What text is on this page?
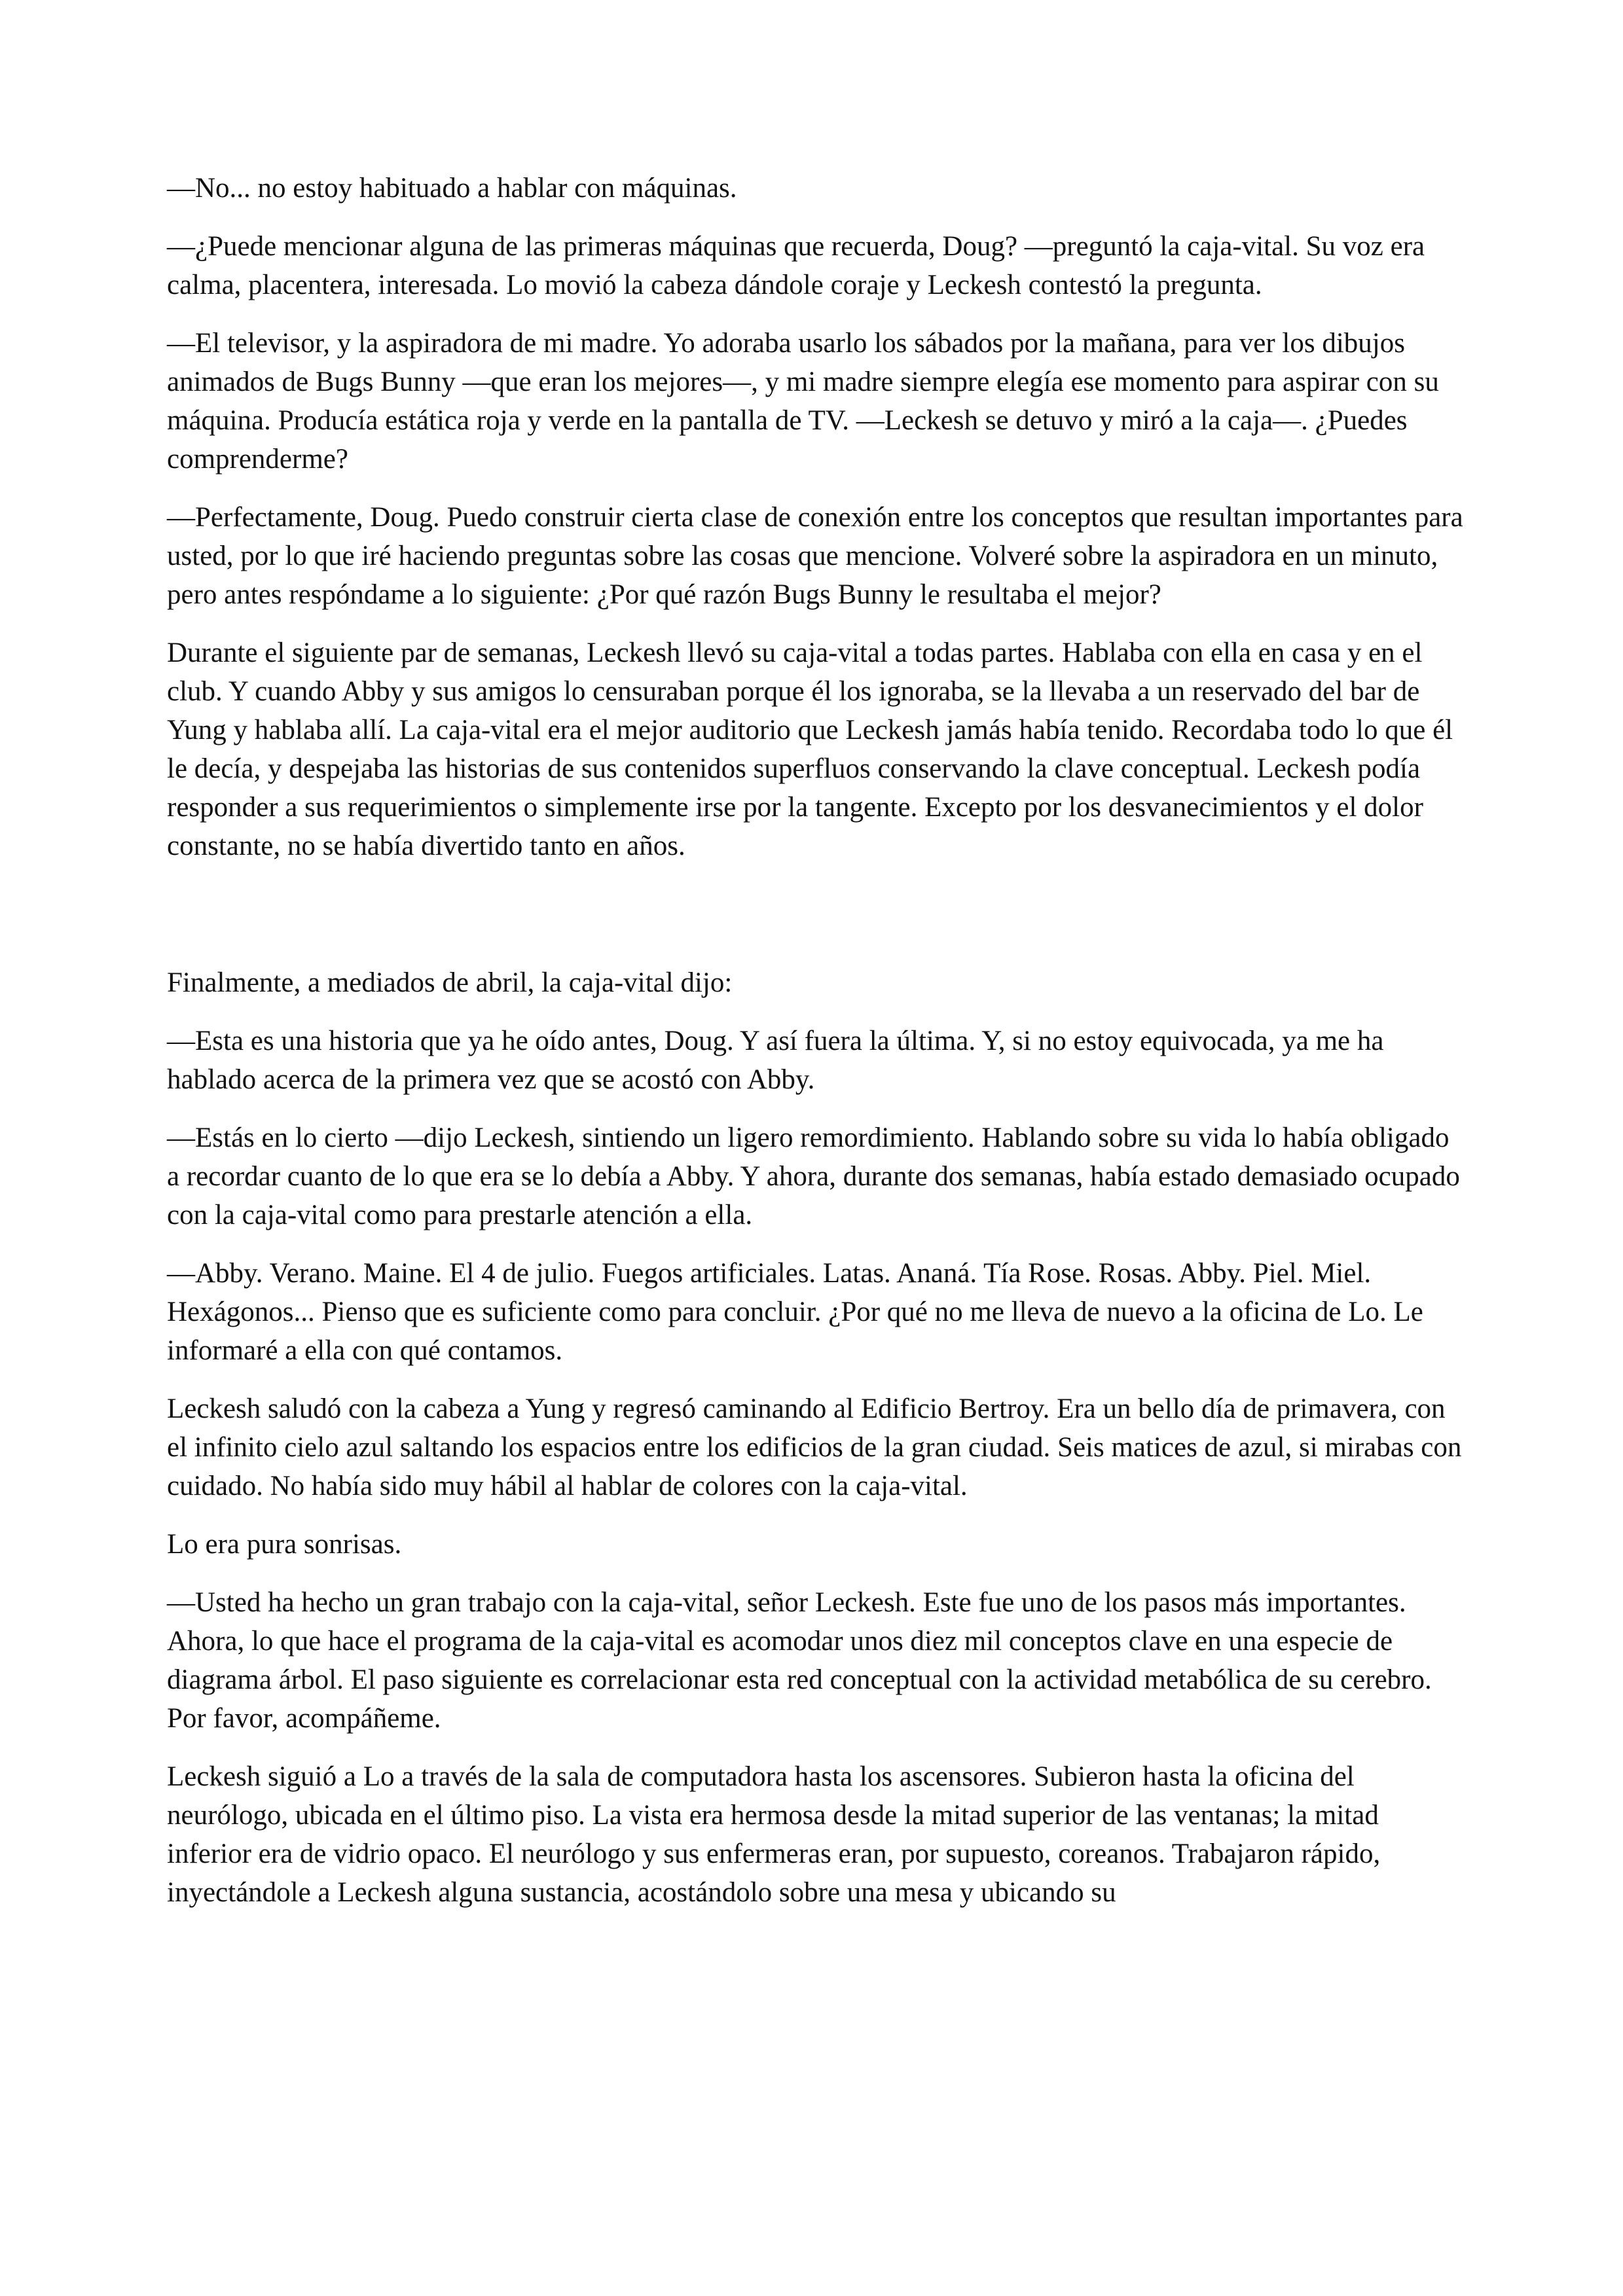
—No... no estoy habituado a hablar con máquinas.

—¿Puede mencionar alguna de las primeras máquinas que recuerda, Doug? —preguntó la caja-vital. Su voz era calma, placentera, interesada. Lo movió la cabeza dándole coraje y Leckesh contestó la pregunta.

—El televisor, y la aspiradora de mi madre. Yo adoraba usarlo los sábados por la mañana, para ver los dibujos animados de Bugs Bunny —que eran los mejores—, y mi madre siempre elegía ese momento para aspirar con su máquina. Producía estática roja y verde en la pantalla de TV. —Leckesh se detuvo y miró a la caja—. ¿Puedes comprenderme?

—Perfectamente, Doug. Puedo construir cierta clase de conexión entre los conceptos que resultan importantes para usted, por lo que iré haciendo preguntas sobre las cosas que mencione. Volveré sobre la aspiradora en un minuto, pero antes respóndame a lo siguiente: ¿Por qué razón Bugs Bunny le resultaba el mejor?

Durante el siguiente par de semanas, Leckesh llevó su caja-vital a todas partes. Hablaba con ella en casa y en el club. Y cuando Abby y sus amigos lo censuraban porque él los ignoraba, se la llevaba a un reservado del bar de Yung y hablaba allí. La caja-vital era el mejor auditorio que Leckesh jamás había tenido. Recordaba todo lo que él le decía, y despejaba las historias de sus contenidos superfluos conservando la clave conceptual. Leckesh podía responder a sus requerimientos o simplemente irse por la tangente. Excepto por los desvanecimientos y el dolor constante, no se había divertido tanto en años.

Finalmente, a mediados de abril, la caja-vital dijo:

—Esta es una historia que ya he oído antes, Doug. Y así fuera la última. Y, si no estoy equivocada, ya me ha hablado acerca de la primera vez que se acostó con Abby.

—Estás en lo cierto —dijo Leckesh, sintiendo un ligero remordimiento. Hablando sobre su vida lo había obligado a recordar cuanto de lo que era se lo debía a Abby. Y ahora, durante dos semanas, había estado demasiado ocupado con la caja-vital como para prestarle atención a ella.

—Abby. Verano. Maine. El 4 de julio. Fuegos artificiales. Latas. Ananá. Tía Rose. Rosas. Abby. Piel. Miel. Hexágonos... Pienso que es suficiente como para concluir. ¿Por qué no me lleva de nuevo a la oficina de Lo. Le informaré a ella con qué contamos.

Leckesh saludó con la cabeza a Yung y regresó caminando al Edificio Bertroy. Era un bello día de primavera, con el infinito cielo azul saltando los espacios entre los edificios de la gran ciudad. Seis matices de azul, si mirabas con cuidado. No había sido muy hábil al hablar de colores con la caja-vital.

Lo era pura sonrisas.

—Usted ha hecho un gran trabajo con la caja-vital, señor Leckesh. Este fue uno de los pasos más importantes. Ahora, lo que hace el programa de la caja-vital es acomodar unos diez mil conceptos clave en una especie de diagrama árbol. El paso siguiente es correlacionar esta red conceptual con la actividad metabólica de su cerebro. Por favor, acompáñeme.

Leckesh siguió a Lo a través de la sala de computadora hasta los ascensores. Subieron hasta la oficina del neurólogo, ubicada en el último piso. La vista era hermosa desde la mitad superior de las ventanas; la mitad inferior era de vidrio opaco. El neurólogo y sus enfermeras eran, por supuesto, coreanos. Trabajaron rápido, inyectándole a Leckesh alguna sustancia, acostándolo sobre una mesa y ubicando su
